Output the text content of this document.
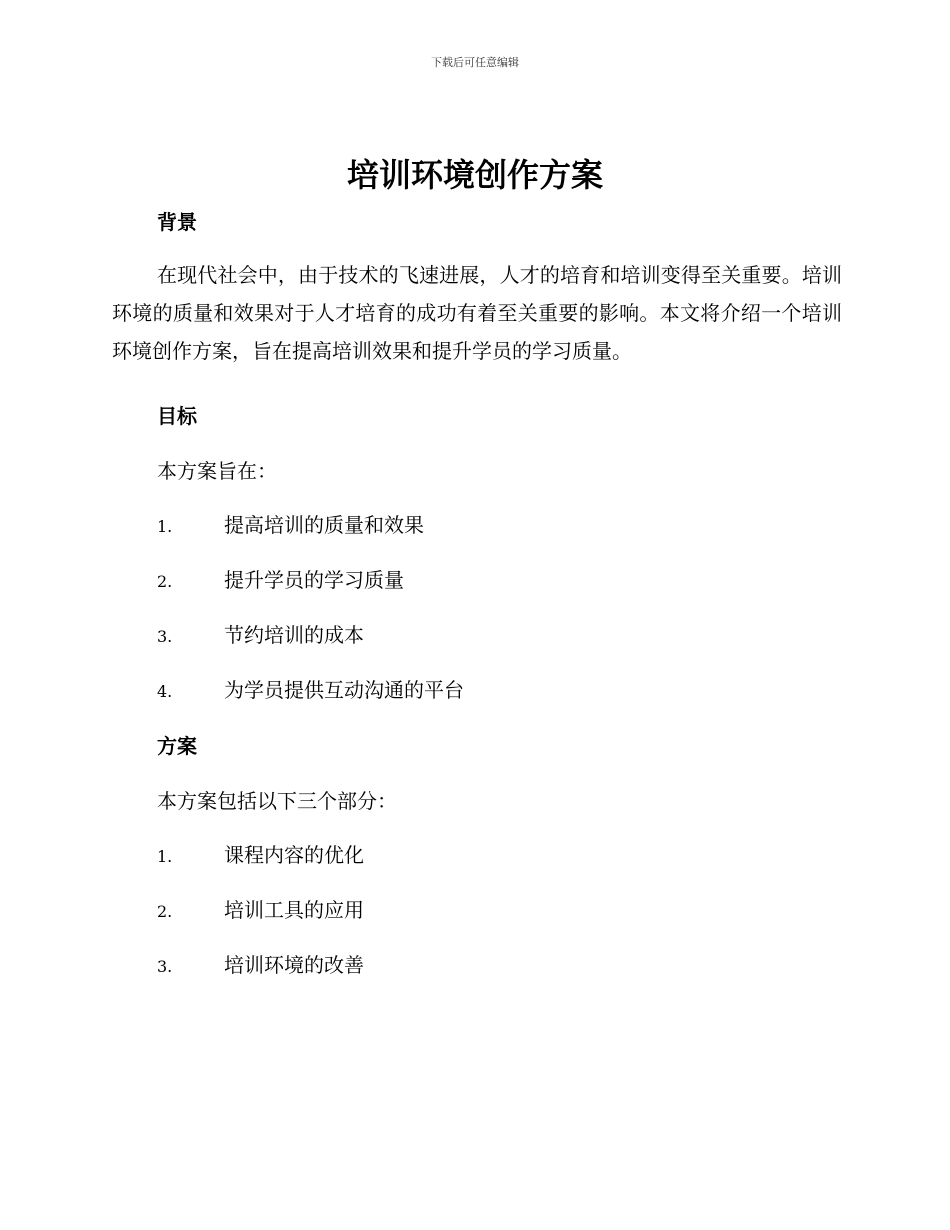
下载后可任意编辑
培训环境创作方案
背景

在现代社会中，由于技术的飞速进展，人才的培育和培训变得至关重要。培训环境的质量和效果对于人才培育的成功有着至关重要的影响。本文将介绍一个培训环境创作方案，旨在提高培训效果和提升学员的学习质量。

目标

本方案旨在：

1.	提高培训的质量和效果
2.	提升学员的学习质量
3.	节约培训的成本
4.	为学员提供互动沟通的平台
方案

本方案包括以下三个部分：

1.	课程内容的优化
2.	培训工具的应用
3.	培训环境的改善
